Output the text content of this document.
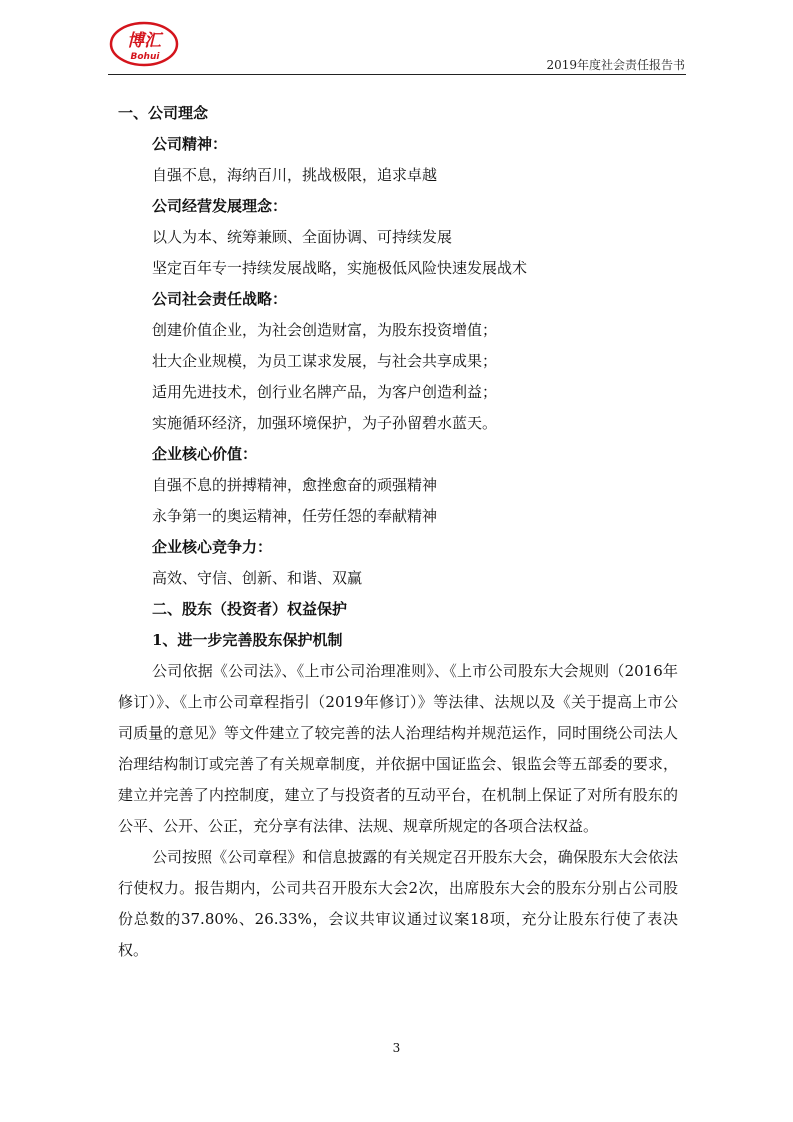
博汇
Bohui
2019年度社会责任报告书
一、公司理念
公司精神：
自强不息，海纳百川，挑战极限，追求卓越
公司经营发展理念：
以人为本、统筹兼顾、全面协调、可持续发展
坚定百年专一持续发展战略，实施极低风险快速发展战术
公司社会责任战略：
创建价值企业，为社会创造财富，为股东投资增值；
壮大企业规模，为员工谋求发展，与社会共享成果；
适用先进技术，创行业名牌产品，为客户创造利益；
实施循环经济，加强环境保护，为子孙留碧水蓝天。
企业核心价值：
自强不息的拼搏精神，愈挫愈奋的顽强精神
永争第一的奥运精神，任劳任怨的奉献精神
企业核心竞争力：
高效、守信、创新、和谐、双赢
二、股东（投资者）权益保护
1、进一步完善股东保护机制

公司依据《公司法》、《上市公司治理准则》、《上市公司股东大会规则（2016年修订）》、《上市公司章程指引（2019年修订）》等法律、法规以及《关于提高上市公司质量的意见》等文件建立了较完善的法人治理结构并规范运作，同时围绕公司法人治理结构制订或完善了有关规章制度，并依据中国证监会、银监会等五部委的要求，建立并完善了内控制度，建立了与投资者的互动平台，在机制上保证了对所有股东的公平、公开、公正，充分享有法律、法规、规章所规定的各项合法权益。

公司按照《公司章程》和信息披露的有关规定召开股东大会，确保股东大会依法行使权力。报告期内，公司共召开股东大会2次，出席股东大会的股东分别占公司股份总数的37.80%、26.33%，会议共审议通过议案18项，充分让股东行使了表决权。

3
